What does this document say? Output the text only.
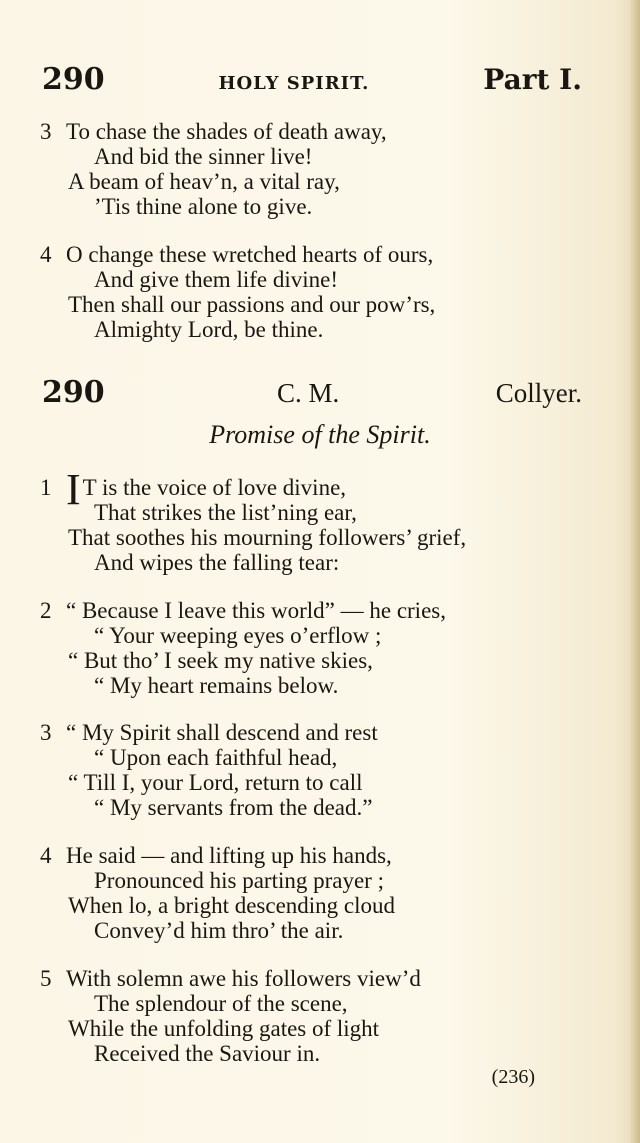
290	HOLY SPIRIT.	Part I.
3 To chase the shades of death away,
And bid the sinner live!
A beam of heav’n, a vital ray,
’Tis thine alone to give.
4 O change these wretched hearts of ours,
And give them life divine!
Then shall our passions and our pow’rs,
Almighty Lord, be thine.
290	C. M.	Collyer.
Promise of the Spirit.
1 IT is the voice of love divine,
That strikes the list’ning ear,
That soothes his mourning followers’ grief,
And wipes the falling tear:
2 “ Because I leave this world” — he cries,
“ Your weeping eyes o’erflow ;
“ But tho’ I seek my native skies,
“ My heart remains below.
3 “ My Spirit shall descend and rest
“ Upon each faithful head,
“ Till I, your Lord, return to call
“ My servants from the dead.”
4 He said — and lifting up his hands,
Pronounced his parting prayer ;
When lo, a bright descending cloud
Convey’d him thro’ the air.
5 With solemn awe his followers view’d
The splendour of the scene,
While the unfolding gates of light
Received the Saviour in.
(236)
